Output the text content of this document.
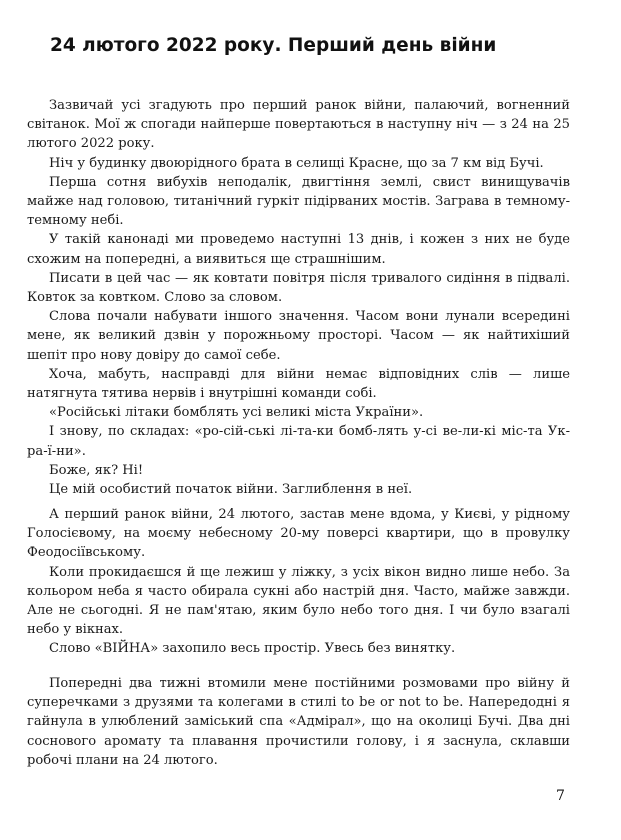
24 лютого 2022 року. Перший день війни

Зазвичай усі згадують про перший ранок війни, палаючий, вогненний світанок. Мої ж спогади найперше повертаються в наступну ніч — з 24 на 25 лютого 2022 року.

Ніч у будинку двоюрідного брата в селищі Красне, що за 7 км від Бучі.

Перша сотня вибухів неподалік, двигтіння землі, свист винищувачів майже над головою, титанічний гуркіт підірваних мостів. Заграва в темному-темному небі.

У такій канонаді ми проведемо наступні 13 днів, і кожен з них не буде схожим на попередні, а виявиться ще страшнішим.

Писати в цей час — як ковтати повітря після тривалого сидіння в підвалі. Ковток за ковтком. Слово за словом.

Слова почали набувати іншого значення. Часом вони лунали всередині мене, як великий дзвін у порожньому просторі. Часом — як найтихіший шепіт про нову довіру до самої себе.

Хоча, мабуть, насправді для війни немає відповідних слів — лише натягнута тятива нервів і внутрішні команди собі.

«Російські літаки бомблять усі великі міста України».

І знову, по складах: «ро-сій-ські лі-та-ки бомб-лять у-сі ве-ли-кі міс-та Ук-ра-ї-ни».

Боже, як? Ні!

Це мій особистий початок війни. Заглиблення в неї.

А перший ранок війни, 24 лютого, застав мене вдома, у Києві, у рідному Голосієвому, на моєму небесному 20-му поверсі квартири, що в провулку Феодосіївському.

Коли прокидаєшся й ще лежиш у ліжку, з усіх вікон видно лише небо. За кольором неба я часто обирала сукні або настрій дня. Часто, майже завжди. Але не сьогодні. Я не пам'ятаю, яким було небо того дня. І чи було взагалі небо у вікнах.

Слово «ВІЙНА» захопило весь простір. Увесь без винятку.

Попередні два тижні втомили мене постійними розмовами про війну й суперечками з друзями та колегами в стилі to be or not to be. Напередодні я гайнула в улюблений заміський спа «Адмірал», що на околиці Бучі. Два дні соснового аромату та плавання прочистили голову, і я заснула, склавши робочі плани на 24 лютого.

7
